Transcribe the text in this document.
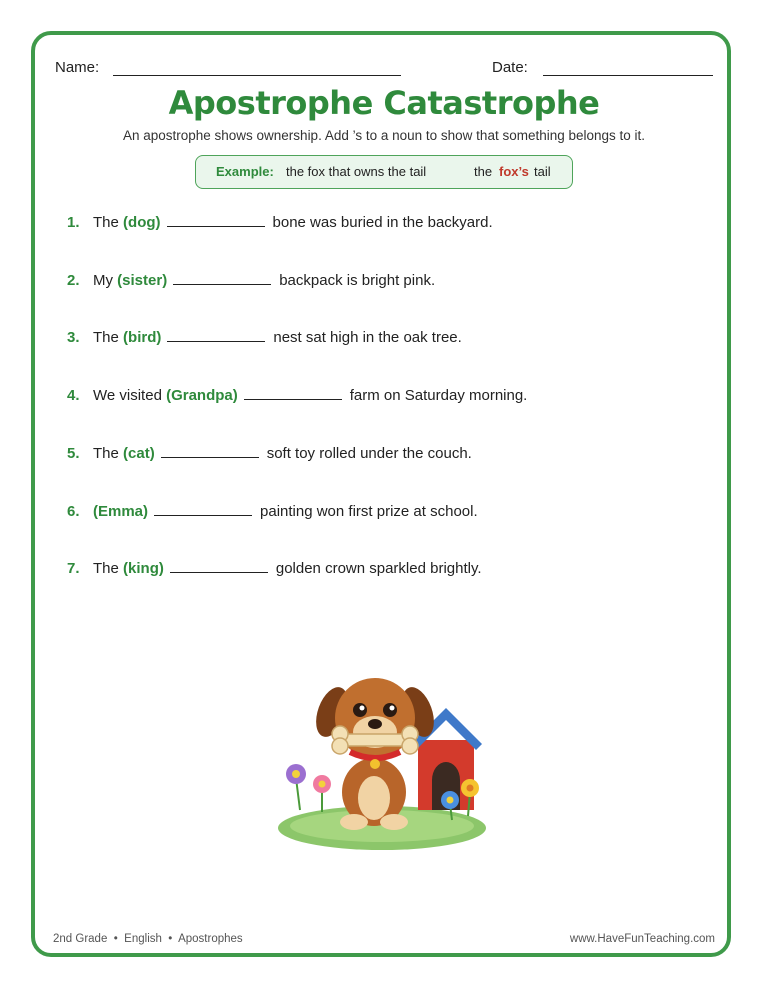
Name:	Date:
Apostrophe Catastrophe
An apostrophe shows ownership. Add ’s to a noun to show that something belongs to it.
Example: the fox that owns the tail	the fox’s tail
1. The (dog)	bone was buried in the backyard.
2. My (sister)	backpack is bright pink.
3. The (bird)	nest sat high in the oak tree.
4. We visited (Grandpa)	farm on Saturday morning.
5. The (cat)	soft toy rolled under the couch.
6. (Emma)	painting won first prize at school.
7. The (king)	golden crown sparkled brightly.
2nd Grade • English • Apostrophes	www.HaveFunTeaching.com
